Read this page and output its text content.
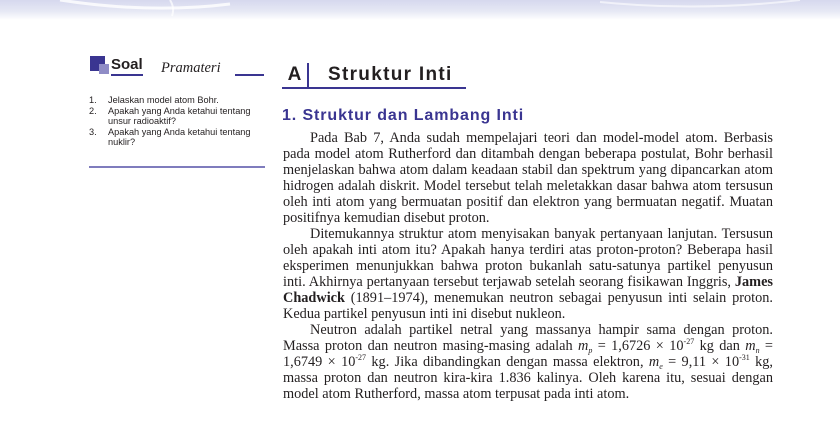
Soal Pramateri
1. Jelaskan model atom Bohr.
2. Apakah yang Anda ketahui tentang unsur radioaktif?
3. Apakah yang Anda ketahui tentang nuklir?
A	Struktur Inti
1. Struktur dan Lambang Inti

Pada Bab 7, Anda sudah mempelajari teori dan model-model atom. Berbasis pada model atom Rutherford dan ditambah dengan beberapa postulat, Bohr berhasil menjelaskan bahwa atom dalam keadaan stabil dan spektrum yang dipancarkan atom hidrogen adalah diskrit. Model tersebut telah meletakkan dasar bahwa atom tersusun oleh inti atom yang bermuatan positif dan elektron yang bermuatan negatif. Muatan positifnya kemudian disebut proton.

Ditemukannya struktur atom menyisakan banyak pertanyaan lanjutan. Tersusun oleh apakah inti atom itu? Apakah hanya terdiri atas proton-proton? Beberapa hasil eksperimen menunjukkan bahwa proton bukanlah satu-satunya partikel penyusun inti. Akhirnya pertanyaan tersebut terjawab setelah seorang fisikawan Inggris, James Chadwick (1891–1974), menemukan neutron sebagai penyusun inti selain proton. Kedua partikel penyusun inti ini disebut nukleon.

Neutron adalah partikel netral yang massanya hampir sama dengan proton. Massa proton dan neutron masing-masing adalah $m_p = 1,6726 \times 10^{-27}$ kg dan $m_n = 1,6749 \times 10^{-27}$ kg. Jika dibandingkan dengan massa elektron, $m_e = 9,11 \times 10^{-31}$ kg, massa proton dan neutron kira-kira 1.836 kalinya. Oleh karena itu, sesuai dengan model atom Rutherford, massa atom terpusat pada inti atom.
